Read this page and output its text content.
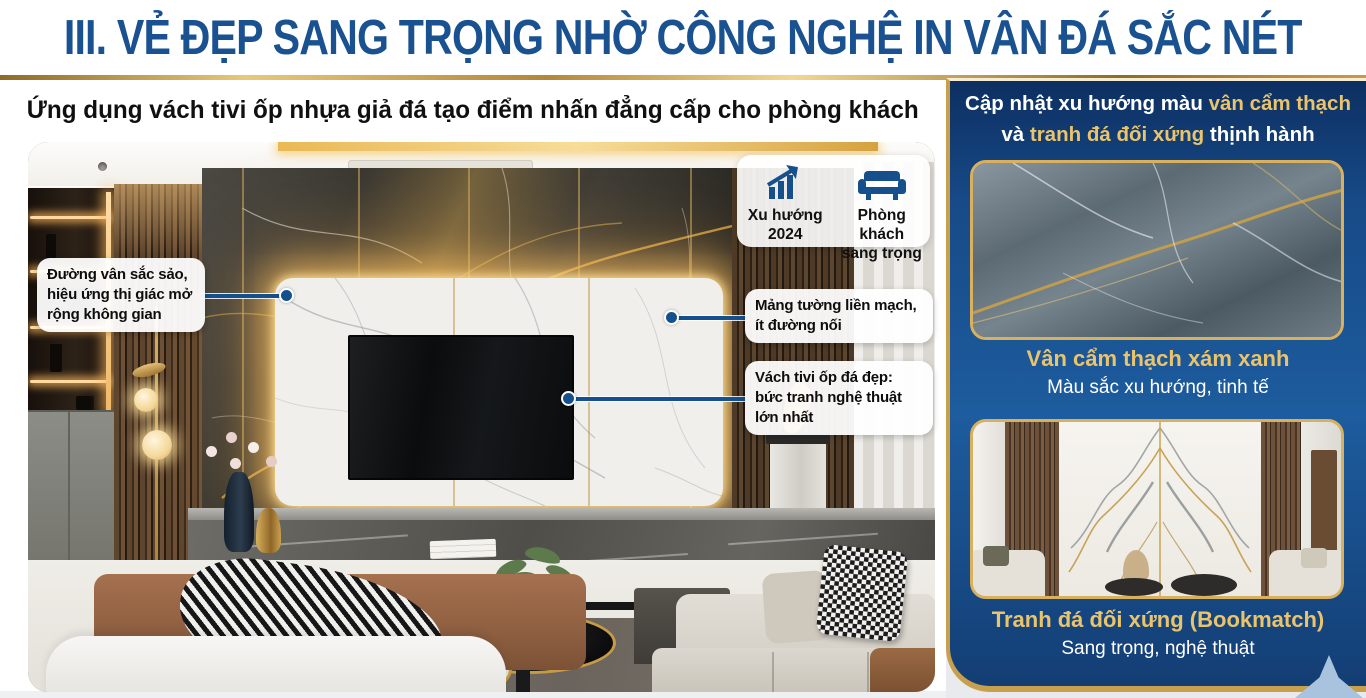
III. VẺ ĐẸP SANG TRỌNG NHỜ CÔNG NGHỆ IN VÂN ĐÁ SẮC NÉT
Ứng dụng vách tivi ốp nhựa giả đá tạo điểm nhấn đẳng cấp cho phòng khách
Xu hướng
2024
Phòng khách
sang trọng
Đường vân sắc sảo, hiệu ứng thị giác mở rộng không gian
Mảng tường liền mạch, ít đường nối
Vách tivi ốp đá đẹp: bức tranh nghệ thuật lớn nhất
Cập nhật xu hướng màu vân cẩm thạch
và tranh đá đối xứng thịnh hành
Vân cẩm thạch xám xanh
Màu sắc xu hướng, tinh tế
Tranh đá đối xứng (Bookmatch)
Sang trọng, nghệ thuật
